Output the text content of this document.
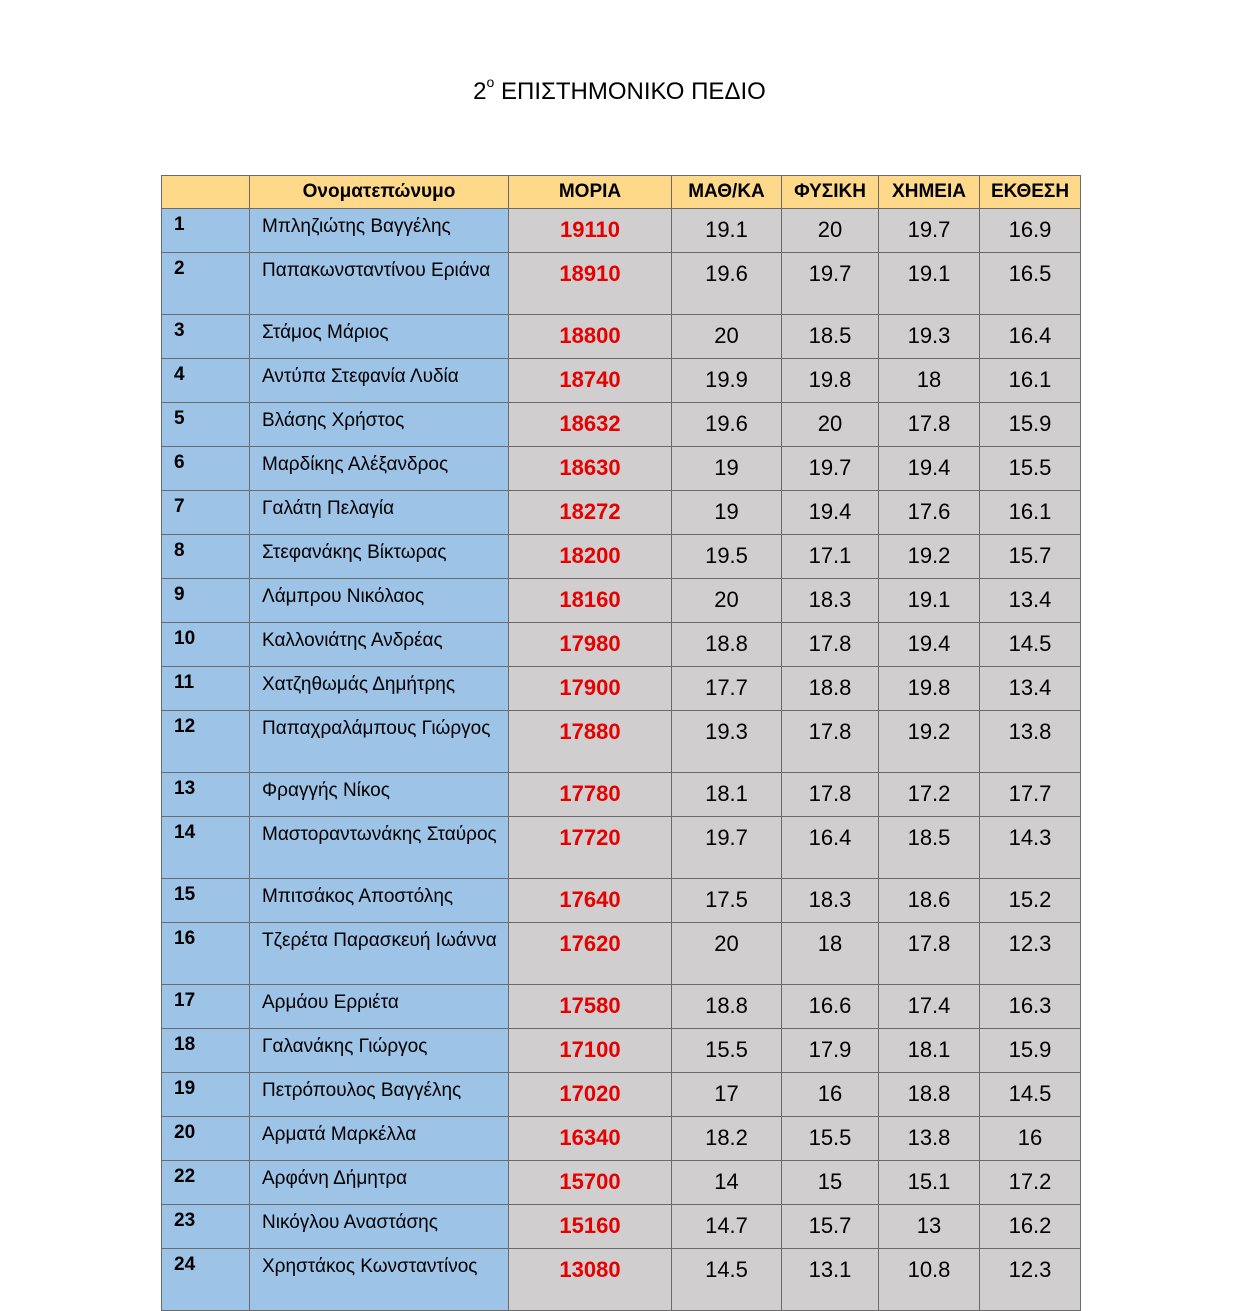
$2^o$ ΕΠΙΣΤΗΜΟΝΙΚΟ ΠΕΔΙΟ
	Ονοματεπώνυμο	ΜΟΡΙΑ	ΜΑΘ/ΚΑ	ΦΥΣΙΚΗ	ΧΗΜΕΙΑ	ΕΚΘΕΣΗ
1	Μπληζιώτης Βαγγέλης	19110	19.1	20	19.7	16.9
2	Παπακωνσταντίνου Εριάνα	18910	19.6	19.7	19.1	16.5
3	Στάμος Μάριος	18800	20	18.5	19.3	16.4
4	Αντύπα Στεφανία Λυδία	18740	19.9	19.8	18	16.1
5	Βλάσης Χρήστος	18632	19.6	20	17.8	15.9
6	Μαρδίκης Αλέξανδρος	18630	19	19.7	19.4	15.5
7	Γαλάτη Πελαγία	18272	19	19.4	17.6	16.1
8	Στεφανάκης Βίκτωρας	18200	19.5	17.1	19.2	15.7
9	Λάμπρου Νικόλαος	18160	20	18.3	19.1	13.4
10	Καλλονιάτης Ανδρέας	17980	18.8	17.8	19.4	14.5
11	Χατζηθωμάς Δημήτρης	17900	17.7	18.8	19.8	13.4
12	Παπαχραλάμπους Γιώργος	17880	19.3	17.8	19.2	13.8
13	Φραγγής Νίκος	17780	18.1	17.8	17.2	17.7
14	Μαστοραντωνάκης Σταύρος	17720	19.7	16.4	18.5	14.3
15	Μπιτσάκος Αποστόλης	17640	17.5	18.3	18.6	15.2
16	Τζερέτα Παρασκευή Ιωάννα	17620	20	18	17.8	12.3
17	Αρμάου Ερριέτα	17580	18.8	16.6	17.4	16.3
18	Γαλανάκης Γιώργος	17100	15.5	17.9	18.1	15.9
19	Πετρόπουλος Βαγγέλης	17020	17	16	18.8	14.5
20	Αρματά Μαρκέλλα	16340	18.2	15.5	13.8	16
22	Αρφάνη Δήμητρα	15700	14	15	15.1	17.2
23	Νικόγλου Αναστάσης	15160	14.7	15.7	13	16.2
24	Χρηστάκος Κωνσταντίνος	13080	14.5	13.1	10.8	12.3
